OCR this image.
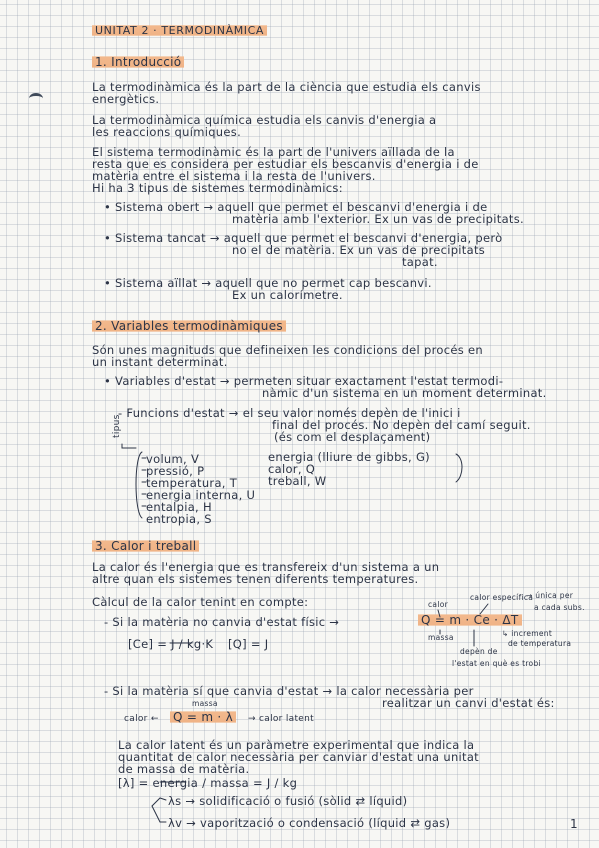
UNITAT 2 · TERMODINÀMICA
1. Introducció
La termodinàmica és la part de la ciència que estudia els canvis
energètics.
La termodinàmica química estudia els canvis d'energia a
les reaccions químiques.
El sistema termodinàmic és la part de l'univers aïllada de la
resta que es considera per estudiar els bescanvis d'energia i de
matèria entre el sistema i la resta de l'univers.
Hi ha 3 tipus de sistemes termodinàmics:
• Sistema obert → aquell que permet el bescanvi d'energia i de
matèria amb l'exterior. Ex un vas de precipitats.
• Sistema tancat → aquell que permet el bescanvi d'energia, però
no el de matèria. Ex un vas de precipitats
tapat.
• Sistema aïllat → aquell que no permet cap bescanvi.
Ex un calorímetre.
2. Variables termodinàmiques
Són unes magnituds que defineixen les condicions del procés en
un instant determinat.
• Variables d'estat → permeten situar exactament l'estat termodi-
nàmic d'un sistema en un moment determinat.
- Funcions d'estat → el seu valor només depèn de l'inici i
final del procés. No depèn del camí seguit.
(és com el desplaçament)
tipus
volum, V
pressió, P
temperatura, T
energia interna, U
entalpia, H
entropia, S
energia (lliure de gibbs, G)
calor, Q
treball, W
3. Calor i treball
La calor és l'energia que es transfereix d'un sistema a un
altre quan els sistemes tenen diferents temperatures.
Càlcul de la calor tenint en compte:	calor
calor específica
→ única per
a cada subs.
- Si la matèria no canvia d'estat físic →	Q = m · Ce · ΔT
massa	↳ increment
de temperatura
depèn de
l'estat en què es trobi
[Ce] = J / kg·K [Q] = J
- Si la matèria sí que canvia d'estat → la calor necessària per
realitzar un canvi d'estat és:
massa
calor ← Q = m · λ	→ calor latent
La calor latent és un paràmetre experimental que indica la
quantitat de calor necessària per canviar d'estat una unitat
de massa de matèria.
[λ] = energia / massa = J / kg
λs → solidificació o fusió (sòlid ⇄ líquid)
λv → vaporització o condensació (líquid ⇄ gas)	1
